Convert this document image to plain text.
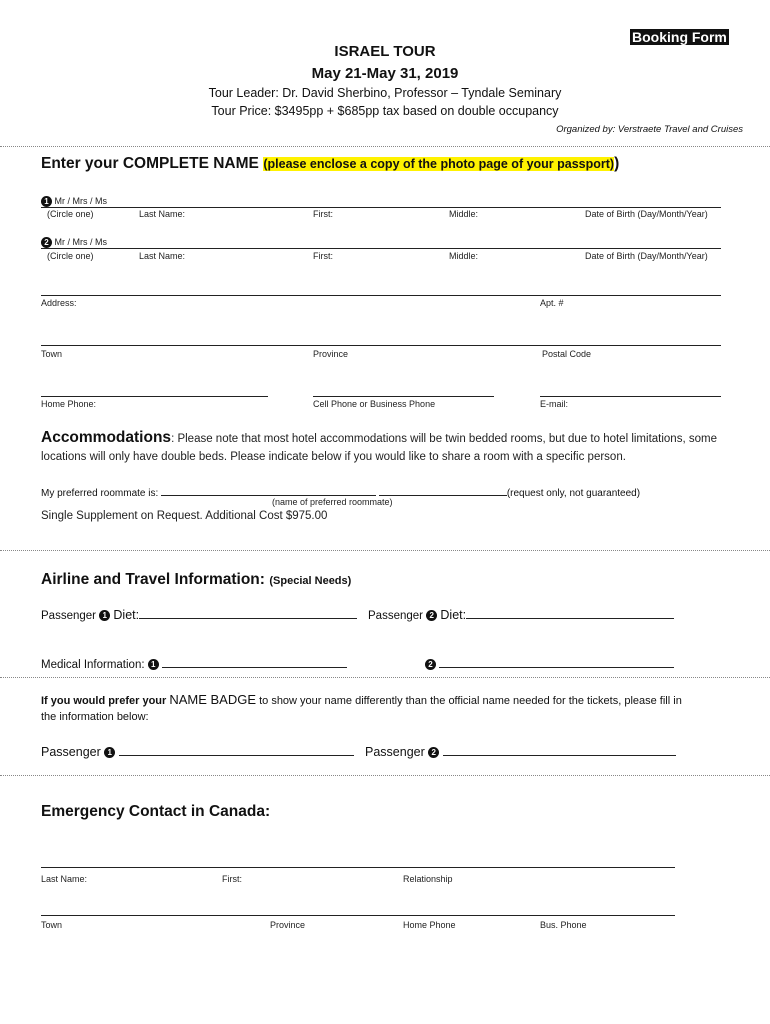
Booking Form
ISRAEL TOUR
May 21-May 31, 2019
Tour Leader: Dr. David Sherbino, Professor – Tyndale Seminary
Tour Price: $3495pp + $685pp tax based on double occupancy
Organized by: Verstraete Travel and Cruises
Enter your COMPLETE NAME (please enclose a copy of the photo page of your passport))
1 Mr / Mrs / Ms
(Circle one)	Last Name:	First:	Middle:	Date of Birth (Day/Month/Year)
2 Mr / Mrs / Ms
(Circle one)	Last Name:	First:	Middle:	Date of Birth (Day/Month/Year)
Address:	Apt. #
Town	Province	Postal Code
Home Phone:	Cell Phone or Business Phone	E-mail:
Accommodations: Please note that most hotel accommodations will be twin bedded rooms, but due to hotel limitations, some
locations will only have double beds. Please indicate below if you would like to share a room with a specific person.
My preferred roommate is:	(request only, not guaranteed)
(name of preferred roommate)
Single Supplement on Request. Additional Cost $975.00
Airline and Travel Information: (Special Needs)
Passenger 1 Diet:	Passenger 2 Diet:
Medical Information: 1	2
If you would prefer your NAME BADGE to show your name differently than the official name needed for the tickets, please fill in
the information below:
Passenger 1	Passenger 2
Emergency Contact in Canada:
Last Name:	First:	Relationship
Town	Province	Home Phone	Bus. Phone
